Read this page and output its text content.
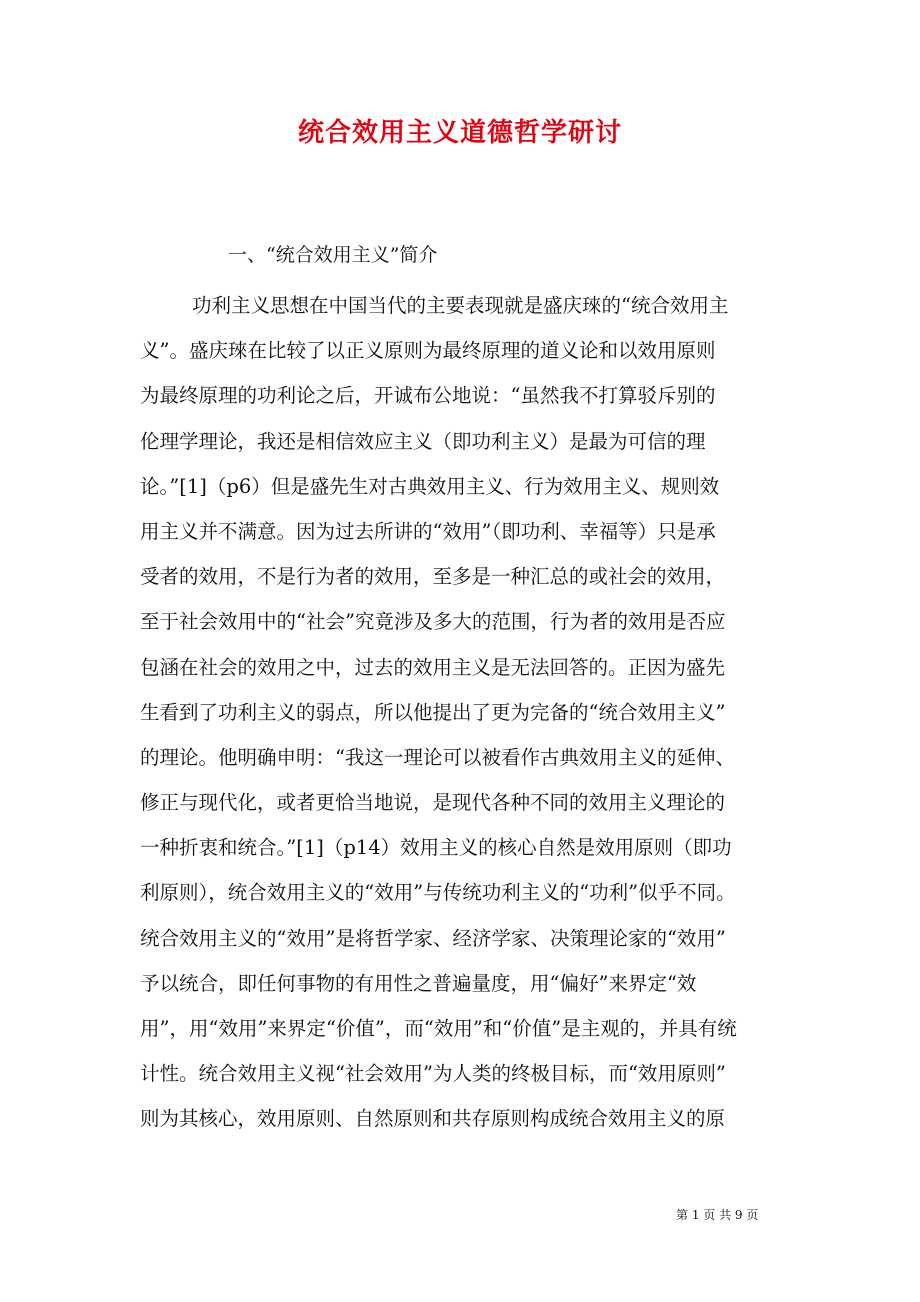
统合效用主义道德哲学研讨
一、“统合效用主义”简介
功利主义思想在中国当代的主要表现就是盛庆琜的“统合效用主
义”。盛庆琜在比较了以正义原则为最终原理的道义论和以效用原则
为最终原理的功利论之后，开诚布公地说：“虽然我不打算驳斥别的
伦理学理论，我还是相信效应主义（即功利主义）是最为可信的理
论。”[1]（p6）但是盛先生对古典效用主义、行为效用主义、规则效
用主义并不满意。因为过去所讲的“效用”（即功利、幸福等）只是承
受者的效用，不是行为者的效用，至多是一种汇总的或社会的效用，
至于社会效用中的“社会”究竟涉及多大的范围，行为者的效用是否应
包涵在社会的效用之中，过去的效用主义是无法回答的。正因为盛先
生看到了功利主义的弱点，所以他提出了更为完备的“统合效用主义”
的理论。他明确申明：“我这一理论可以被看作古典效用主义的延伸、
修正与现代化，或者更恰当地说，是现代各种不同的效用主义理论的
一种折衷和统合。”[1]（p14）效用主义的核心自然是效用原则（即功
利原则），统合效用主义的“效用”与传统功利主义的“功利”似乎不同。
统合效用主义的“效用”是将哲学家、经济学家、决策理论家的“效用”
予以统合，即任何事物的有用性之普遍量度，用“偏好”来界定“效
用”，用“效用”来界定“价值”，而“效用”和“价值”是主观的，并具有统
计性。统合效用主义视“社会效用”为人类的终极目标，而“效用原则”
则为其核心，效用原则、自然原则和共存原则构成统合效用主义的原
第 1 页 共 9 页
